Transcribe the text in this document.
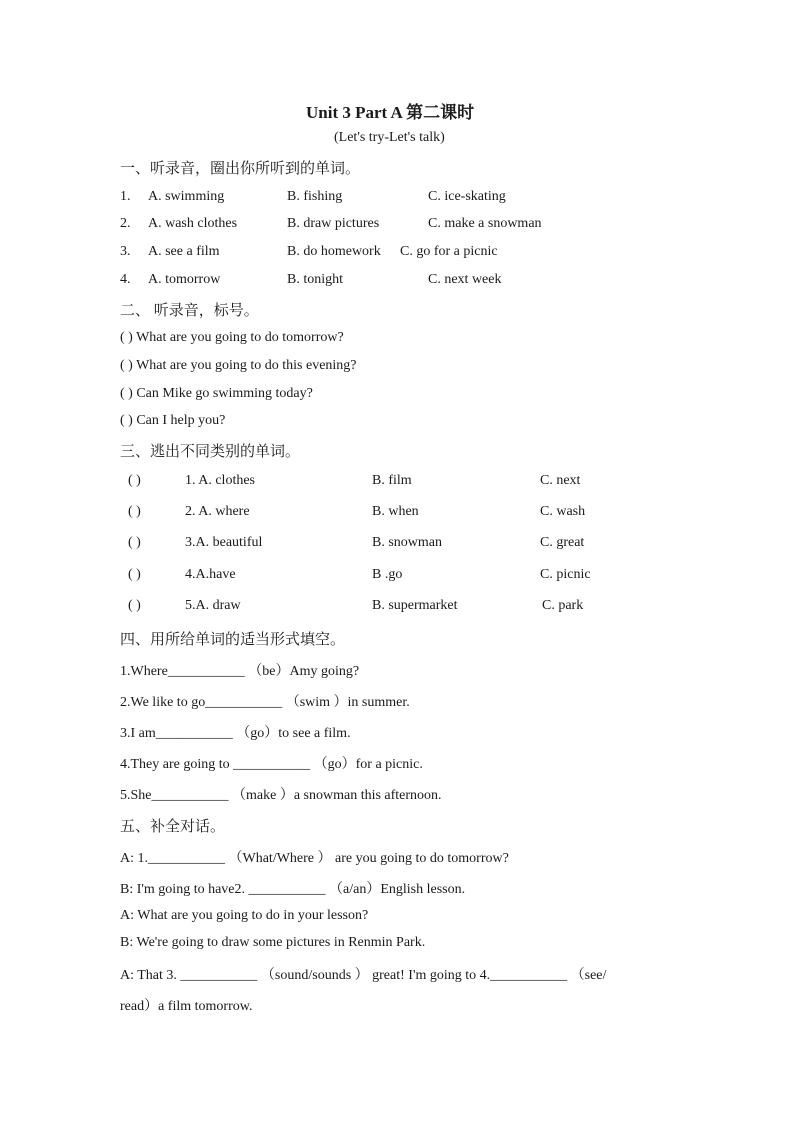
Unit 3 Part A 第二课时
(Let's try-Let's talk)
一、听录音，圈出你所听到的单词。
1. A. swimming	B. fishing	C. ice-skating
2. A. wash clothes	B. draw pictures	C. make a snowman
3. A. see a film	B. do homework C. go for a picnic
4. A. tomorrow	B. tonight	C. next week
二、 听录音，标号。
( ) What are you going to do tomorrow?
( ) What are you going to do this evening?
( ) Can Mike go swimming today?
( ) Can I help you?
三、逃出不同类别的单词。
( )	1. A. clothes	B. film	C. next
( )	2. A. where	B. when	C. wash
( )	3.A. beautiful	B. snowman	C. great
( )	4.A.have	B .go	C. picnic
( )	5.A. draw	B. supermarket	C. park
四、用所给单词的适当形式填空。
1.Where___________ （be）Amy going?
2.We like to go___________ （swim ）in summer.
3.I am___________ （go）to see a film.
4.They are going to ___________ （go）for a picnic.
5.She___________ （make ）a snowman this afternoon.
五、补全对话。
A: 1.___________ （What/Where ） are you going to do tomorrow?
B: I'm going to have2. ___________ （a/an）English lesson.
A: What are you going to do in your lesson?
B: We're going to draw some pictures in Renmin Park.
A: That 3. ___________ （sound/sounds ） great! I'm going to 4.___________ （see/
read）a film tomorrow.
